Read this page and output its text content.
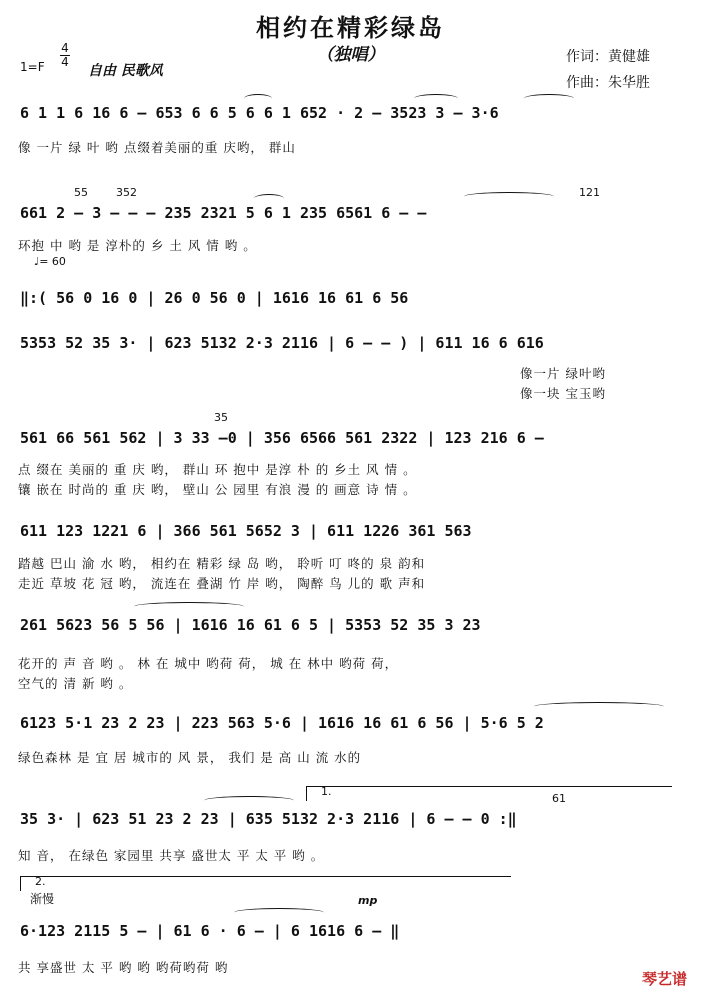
相约在精彩绿岛
（独唱）
1=F
4
4
自由 民歌风
作词：黄健雄
作曲：朱华胜
♩= 60
6 1 1 6 16 6 – 653 6 6 5 6 6 1 652 · 2 – 3523 3 – 3·6
像 一片 绿 叶 哟 点缀着美丽的重 庆哟， 群山
661 2 – 3 – – – 235 2321 5 6 1 235 6561 6 – –
55	352	121
环抱 中 哟 是 淳朴的 乡 土 风 情 哟 。
‖:( 56 0 16 0 | 26 0 56 0 | 1616 16 61 6 56
5353 52 35 3· | 623 5132 2·3 2116 | 6 – – ) | 611 16 6 616
像一片 绿叶哟
像一块 宝玉哟
561 66 561 562 | 3 33 –0 | 356 6566 561 2322 | 123 216 6 –
35
点 缀在 美丽的 重 庆 哟， 群山 环 抱中 是淳 朴 的 乡土 风 情 。
镶 嵌在 时尚的 重 庆 哟， 壁山 公 园里 有浪 漫 的 画意 诗 情 。
611 123 1221 6 | 366 561 5652 3 | 611 1226 361 563
踏越 巴山 渝 水 哟， 相约在 精彩 绿 岛 哟， 聆听 叮 咚的 泉 韵和
走近 草坡 花 冠 哟， 流连在 叠湖 竹 岸 哟， 陶醉 鸟 儿的 歌 声和
261 5623 56 5 56 | 1616 16 61 6 5 | 5353 52 35 3 23
花开的 声 音 哟 。 林 在 城中 哟荷 荷， 城 在 林中 哟荷 荷，
空气的 清 新 哟 。
6123 5·1 23 2 23 | 223 563 5·6 | 1616 16 61 6 56 | 5·6 5 2
绿色森林 是 宜 居 城市的 风 景， 我们 是 高 山 流 水的
1.
35 3· | 623 51 23 2 23 | 635 5132 2·3 2116 | 6 – – 0 :‖
61
知 音， 在绿色 家园里 共享 盛世太 平 太 平 哟 。
2.
渐慢	mp
6·123 2115 5 – | 61 6 · 6 – | 6 1616 6 – ‖
共 享盛世 太 平 哟 哟 哟荷哟荷 哟
琴艺谱
